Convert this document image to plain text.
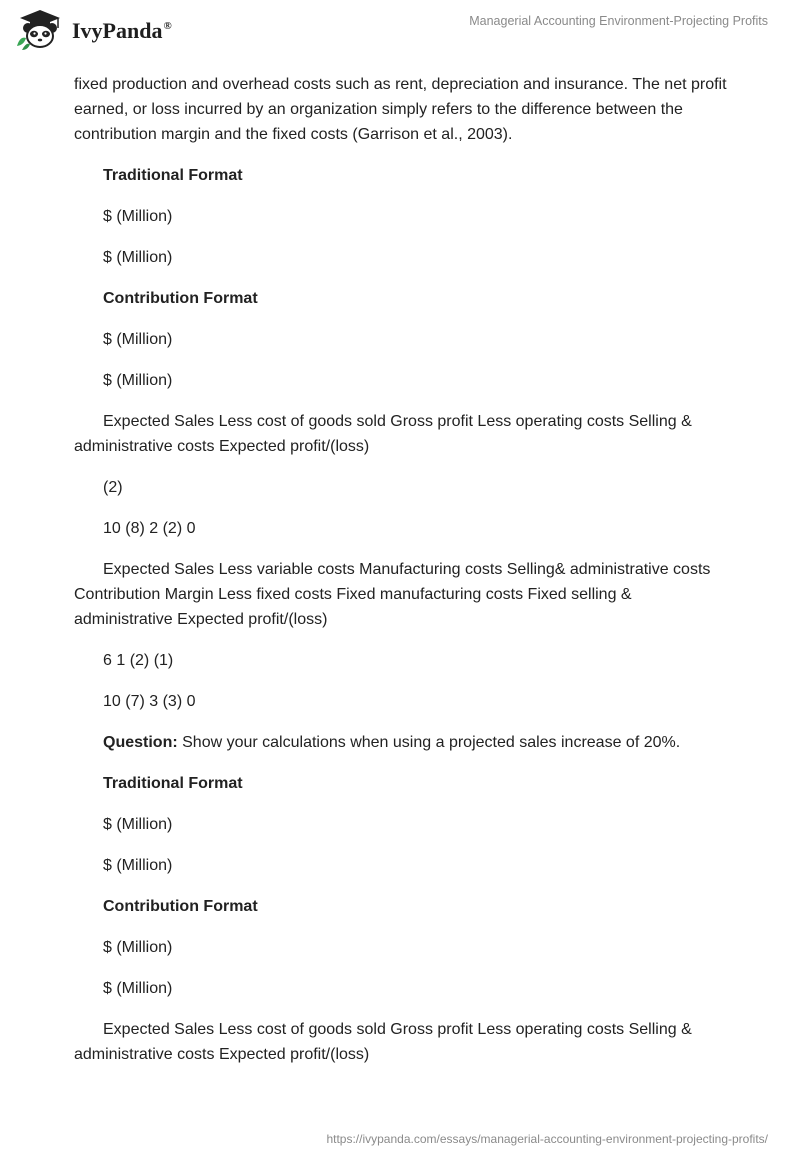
IvyPanda®	Managerial Accounting Environment-Projecting Profits

fixed production and overhead costs such as rent, depreciation and insurance. The net profit earned, or loss incurred by an organization simply refers to the difference between the contribution margin and the fixed costs (Garrison et al., 2003).

Traditional Format

$ (Million)

$ (Million)

Contribution Format

$ (Million)

$ (Million)

Expected Sales Less cost of goods sold Gross profit Less operating costs Selling & administrative costs Expected profit/(loss)

(2)

10 (8) 2 (2) 0

Expected Sales Less variable costs Manufacturing costs Selling& administrative costs Contribution Margin Less fixed costs Fixed manufacturing costs Fixed selling & administrative Expected profit/(loss)

6 1 (2) (1)

10 (7) 3 (3) 0

Question: Show your calculations when using a projected sales increase of 20%.

Traditional Format

$ (Million)

$ (Million)

Contribution Format

$ (Million)

$ (Million)

Expected Sales Less cost of goods sold Gross profit Less operating costs Selling & administrative costs Expected profit/(loss)

https://ivypanda.com/essays/managerial-accounting-environment-projecting-profits/
